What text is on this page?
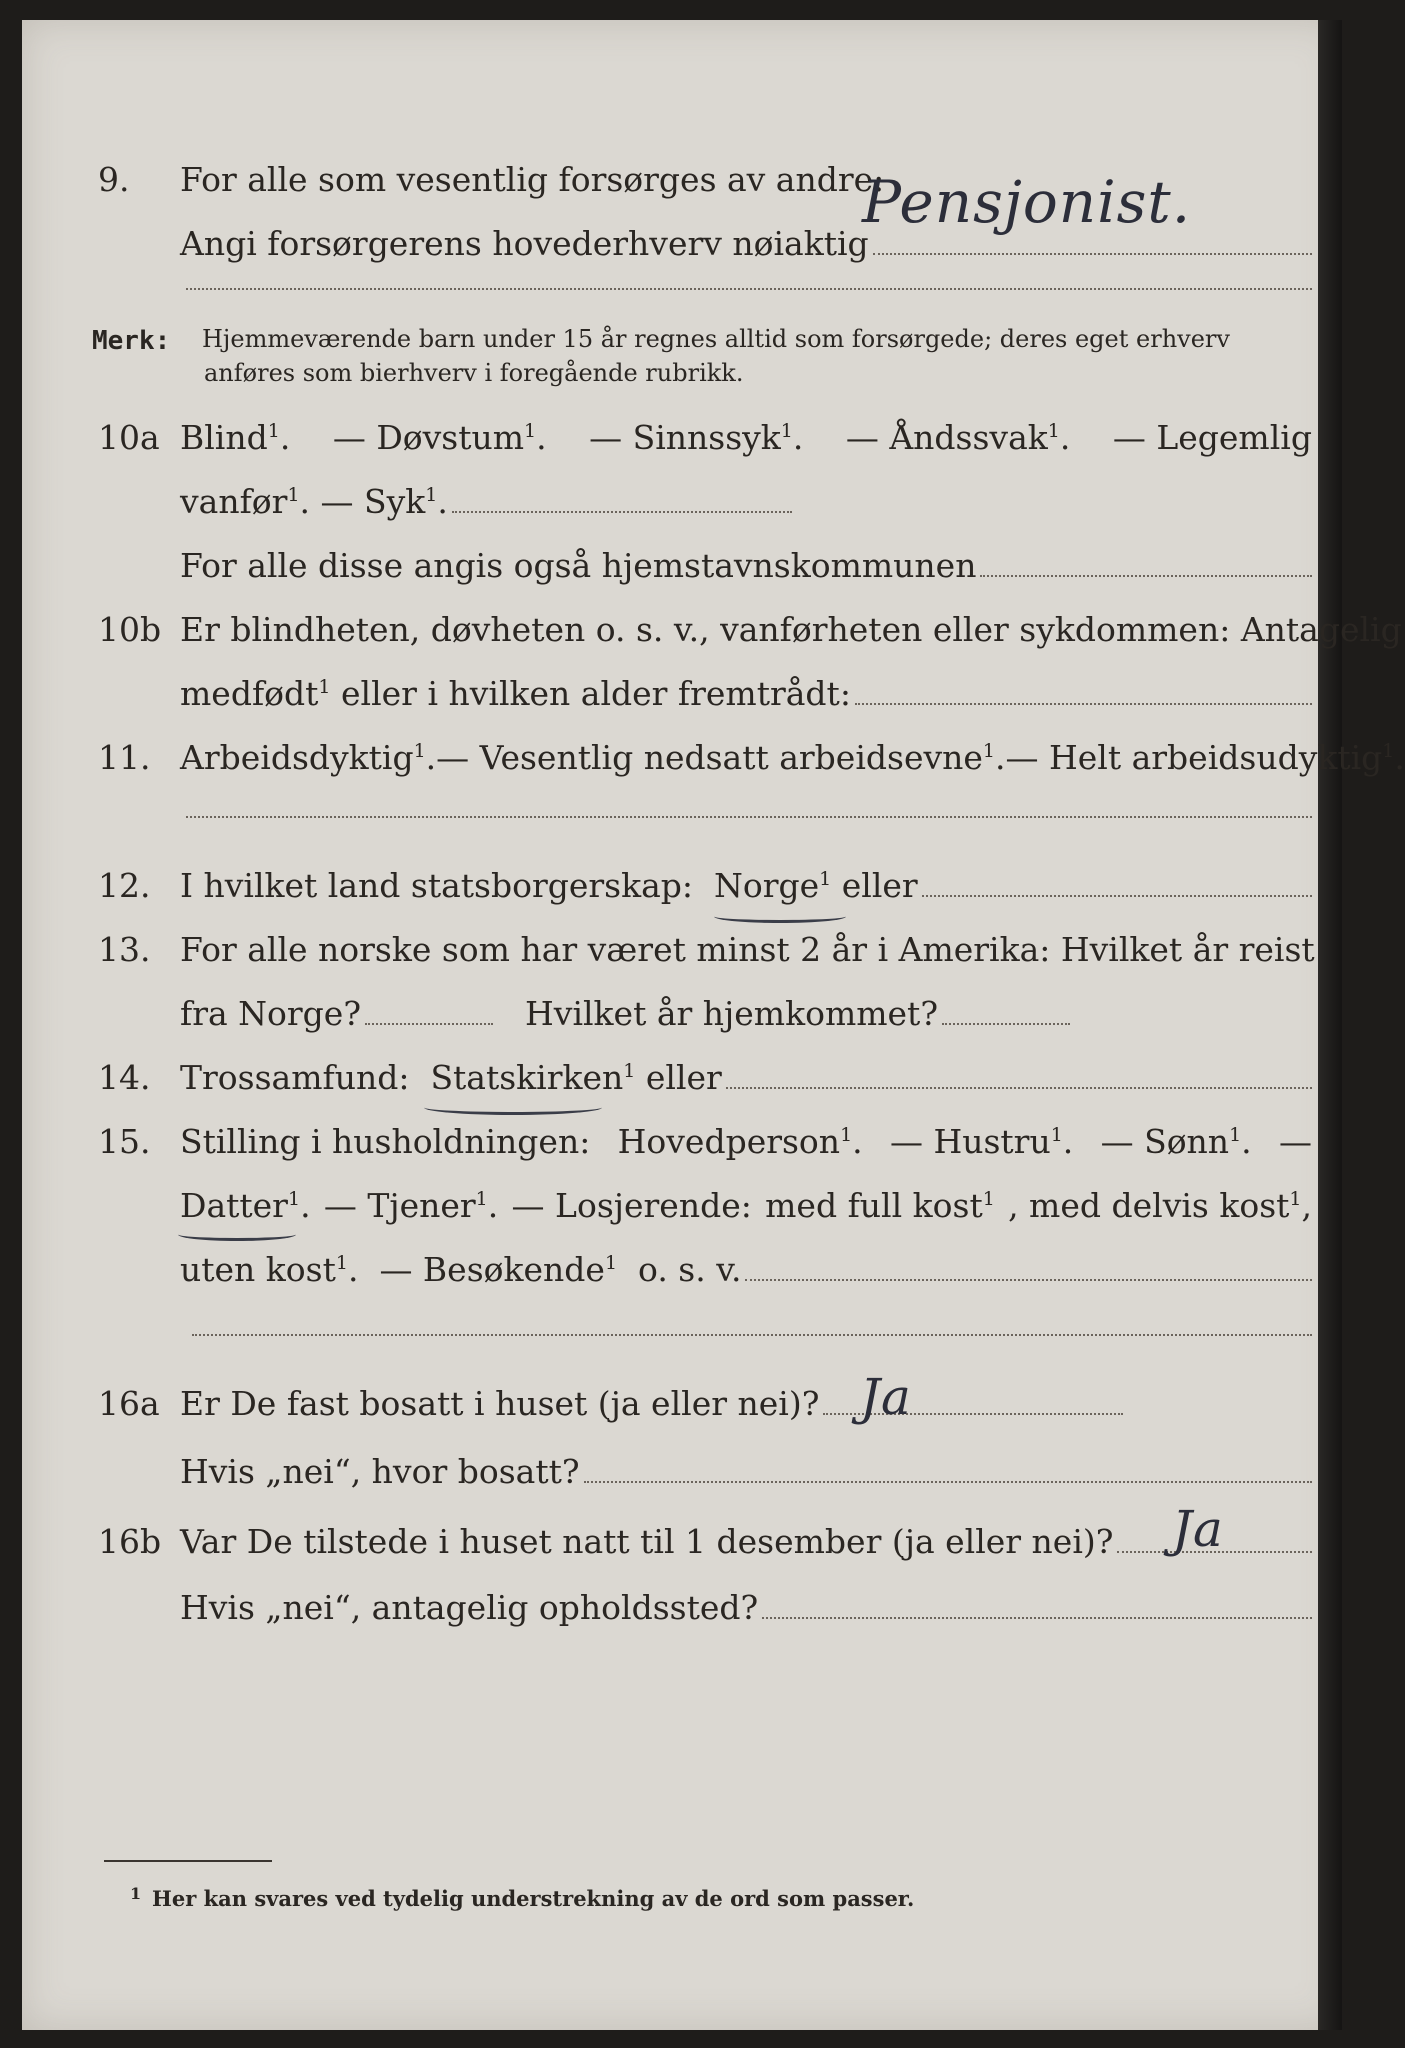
9.	For alle som vesentlig forsørges av andre:
Angi forsørgerens hovederhverv nøiaktig
Pensjonist.
Merk: Hjemmeværende barn under 15 år regnes alltid som forsørgede; deres eget erhverv
anføres som bierhverv i foregående rubrikk.
10a Blind$^1$. — Døvstum$^1$. — Sinnssyk$^1$. — Åndssvak$^1$. — Legemlig
vanfør$^1$. — Syk$^1$.
For alle disse angis også hjemstavnskommunen
10b Er blindheten, døvheten o. s. v., vanførheten eller sykdommen: Antagelig
medfødt$^1$ eller i hvilken alder fremtrådt:
11. Arbeidsdyktig$^1$. — Vesentlig nedsatt arbeidsevne$^1$. — Helt arbeidsudyktig$^1$.
12. I hvilket land statsborgerskap:
Norge$^1$
eller
13. For alle norske som har været minst 2 år i Amerika: Hvilket år reist
fra Norge?	Hvilket år hjemkommet?
14. Trossamfund:
Statskirken$^1$
eller
15. Stilling i husholdningen: Hovedperson$^1$. — Hustru$^1$. — Sønn$^1$. —
Datter$^1$. — Tjener$^1$. — Losjerende: med full kost$^1$ , med delvis kost$^1$,
uten kost$^1$. — Besøkende$^1$ o. s. v.
16a Er De fast bosatt i huset (ja eller nei)? Ja
Hvis „nei“, hvor bosatt?
16b Var De tilstede i huset natt til 1 desember (ja eller nei)? Ja
Hvis „nei“, antagelig opholdssted?
1 Her kan svares ved tydelig understrekning av de ord som passer.
